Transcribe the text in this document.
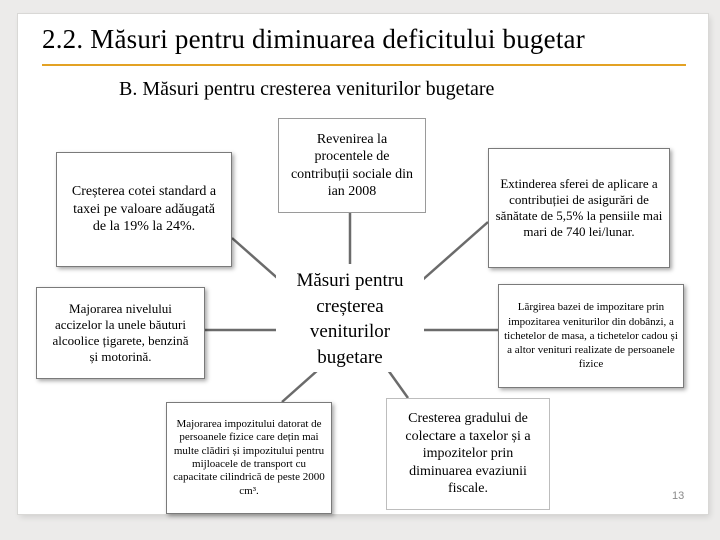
2.2. Măsuri pentru diminuarea deficitului bugetar
B. Măsuri pentru cresterea veniturilor bugetare
Creșterea cotei standard a taxei pe valoare adăugată de la 19% la 24%.
Revenirea la procentele de contribuții sociale din ian 2008
Extinderea sferei de aplicare a contribuției de asigurări de sănătate de 5,5% la pensiile mai mari de 740 lei/lunar.
Majorarea nivelului accizelor la unele băuturi alcoolice țigarete, benzină și motorină.
Măsuri pentru creșterea veniturilor bugetare
Lărgirea bazei de impozitare prin impozitarea veniturilor din dobânzi, a tichetelor de masa, a tichetelor cadou și a altor venituri realizate de persoanele fizice
Majorarea impozitului datorat de persoanele fizice care dețin mai multe clădiri și impozitului pentru mijloacele de transport cu capacitate cilindrică de peste 2000 cm³.
Cresterea gradului de colectare a taxelor și a impozitelor prin diminuarea evaziunii fiscale.	13
